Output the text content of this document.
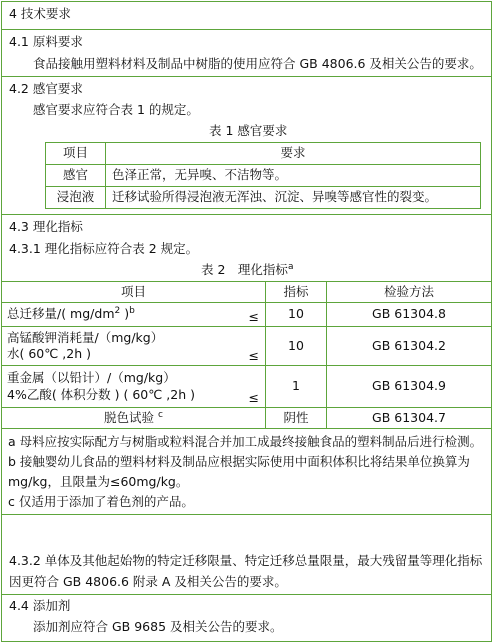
4 技术要求
4.1 原料要求
食品接触用塑料材料及制品中树脂的使用应符合 GB 4806.6 及相关公告的要求。
4.2 感官要求
感官要求应符合表 1 的规定。
表 1 感官要求
项目	要求
感官	色泽正常，无异嗅、不洁物等。
浸泡液	迁移试验所得浸泡液无浑浊、沉淀、异嗅等感官性的裂变。
4.3 理化指标
4.3.1 理化指标应符合表 2 规定。
表 2　理化指标$^a$
项目	指标	检验方法
总迁移量/( $mg/dm^2$ )$^b$ ≤	10	GB 61304.8

高锰酸钾消耗量/（mg/kg）
水( 60℃ ,2h ) ≤	10	GB 61304.2

重金属（以铅计）/（mg/kg）
4%乙酸( 体积分数 ) ( 60℃ ,2h ) ≤	1	GB 61304.9
脱色试验 $^c$	阴性	GB 61304.7

a 母料应按实际配方与树脂或粒料混合并加工成最终接触食品的塑料制品后进行检测。
b 接触婴幼儿食品的塑料材料及制品应根据实际使用中面积体积比将结果单位换算为 mg/kg，且限量为≤60mg/kg。
c 仅适用于添加了着色剂的产品。		
4.3.2 单体及其他起始物的特定迁移限量、特定迁移总量限量，最大残留量等理化指标因更符合 GB 4806.6 附录 A 及相关公告的要求。
4.4 添加剂
添加剂应符合 GB 9685 及相关公告的要求。
